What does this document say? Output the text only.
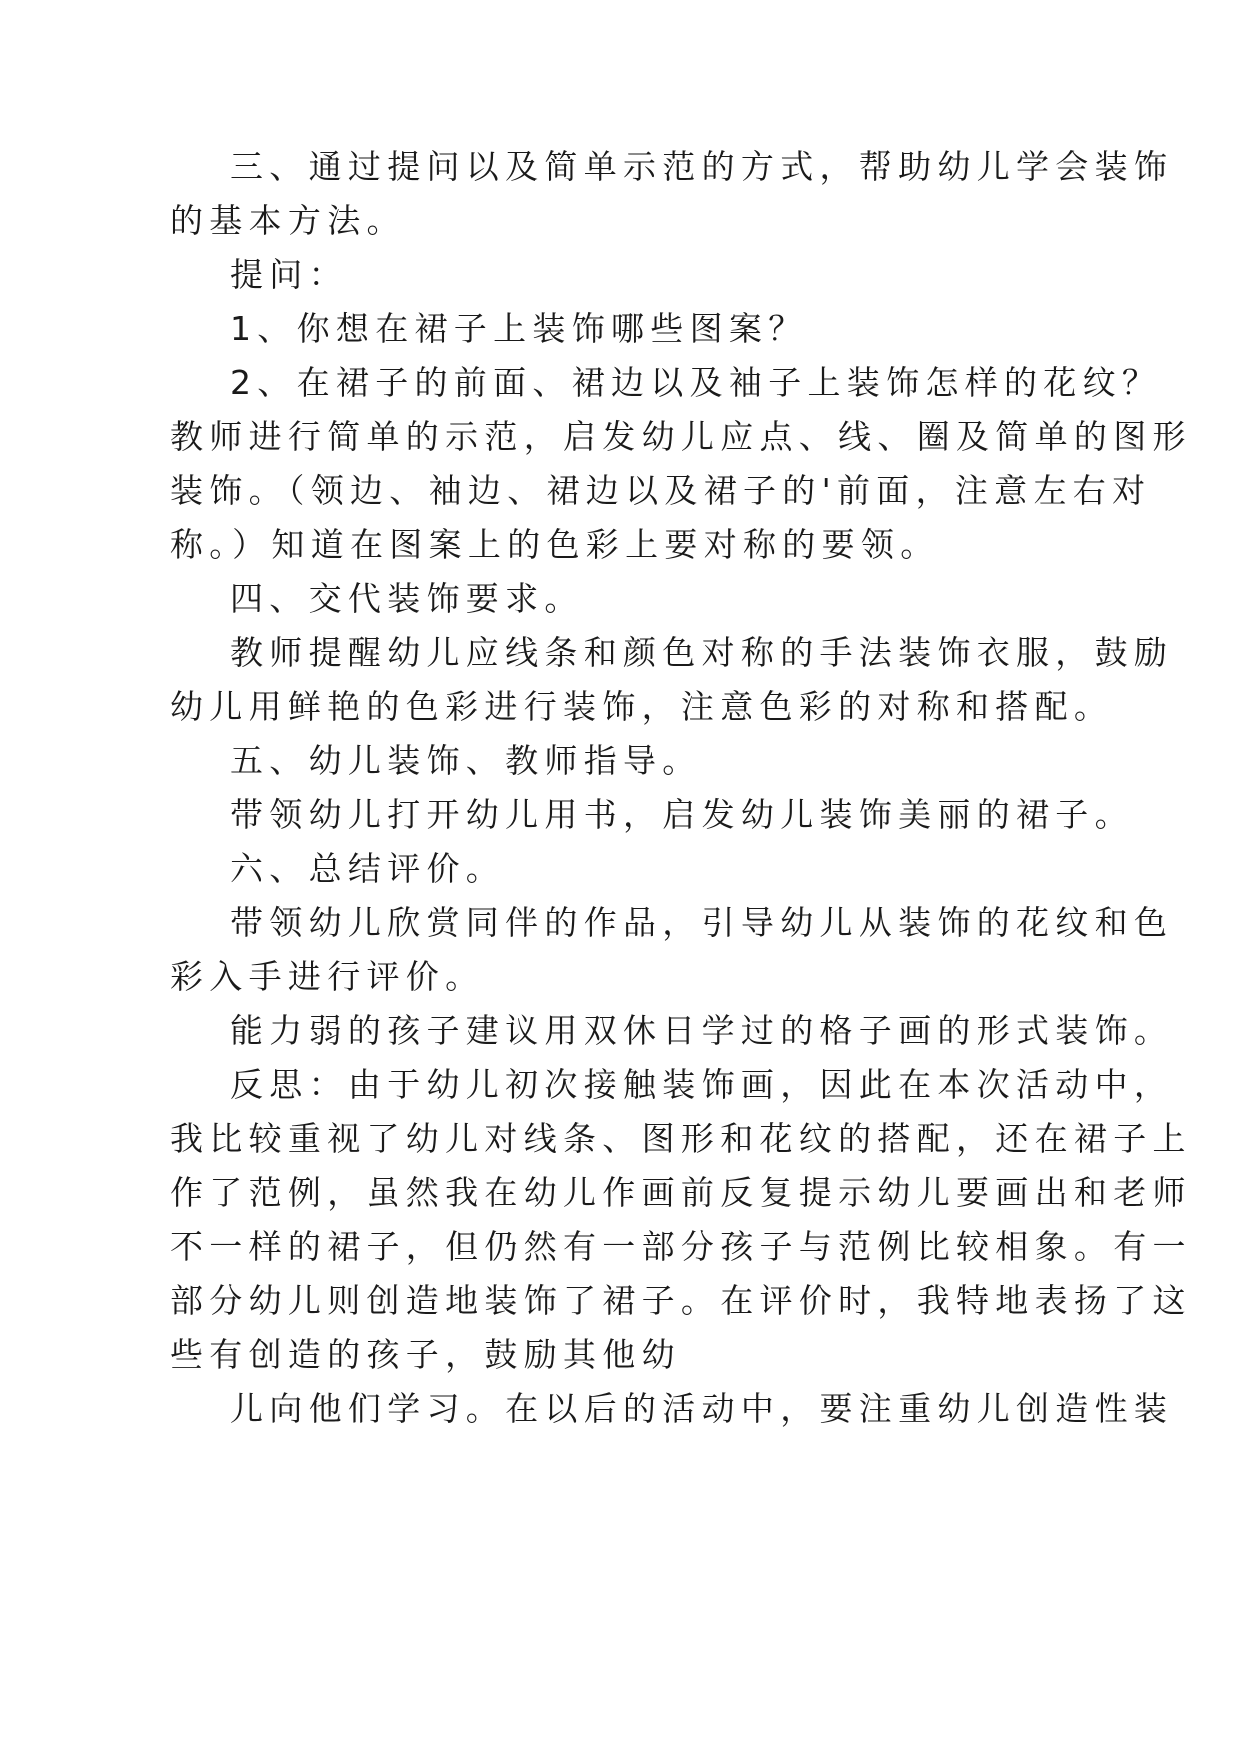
三、通过提问以及简单示范的方式，帮助幼儿学会装饰

的基本方法。

提问：

1、你想在裙子上装饰哪些图案？

2、在裙子的前面、裙边以及袖子上装饰怎样的花纹？

教师进行简单的示范，启发幼儿应点、线、圈及简单的图形

装饰。（领边、袖边、裙边以及裙子的'前面，注意左右对

称。）知道在图案上的色彩上要对称的要领。

四、交代装饰要求。

教师提醒幼儿应线条和颜色对称的手法装饰衣服，鼓励

幼儿用鲜艳的色彩进行装饰，注意色彩的对称和搭配。

五、幼儿装饰、教师指导。

带领幼儿打开幼儿用书，启发幼儿装饰美丽的裙子。

六、总结评价。

带领幼儿欣赏同伴的作品，引导幼儿从装饰的花纹和色

彩入手进行评价。

能力弱的孩子建议用双休日学过的格子画的形式装饰。

反思：由于幼儿初次接触装饰画，因此在本次活动中，

我比较重视了幼儿对线条、图形和花纹的搭配，还在裙子上

作了范例，虽然我在幼儿作画前反复提示幼儿要画出和老师

不一样的裙子，但仍然有一部分孩子与范例比较相象。有一

部分幼儿则创造地装饰了裙子。在评价时，我特地表扬了这

些有创造的孩子，鼓励其他幼

儿向他们学习。在以后的活动中，要注重幼儿创造性装
